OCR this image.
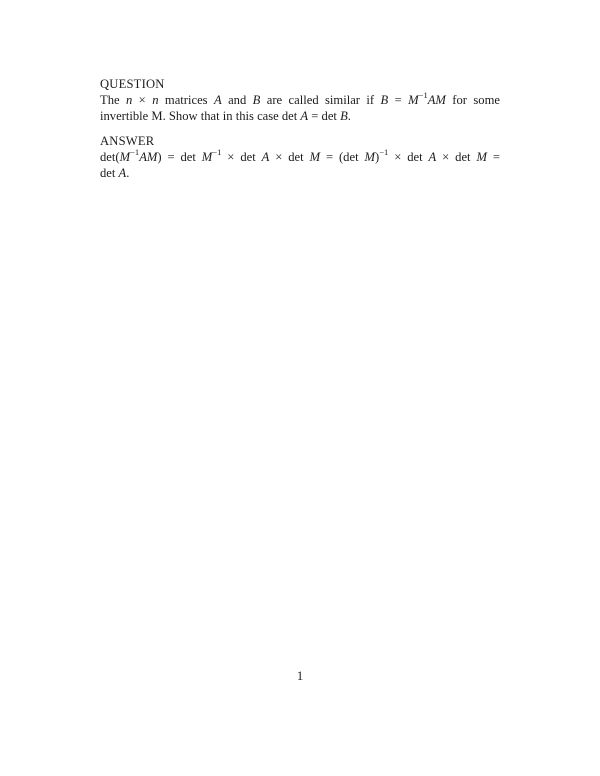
QUESTION
The n × n matrices A and B are called similar if $B = M^{-1}AM$ for some
invertible M. Show that in this case det A = det B.
ANSWER
$\det(M^{-1}AM) = \det M^{-1} \times \det A \times \det M = (\det$ M)$^{-1}$ × det A × det M =
det A.
1
